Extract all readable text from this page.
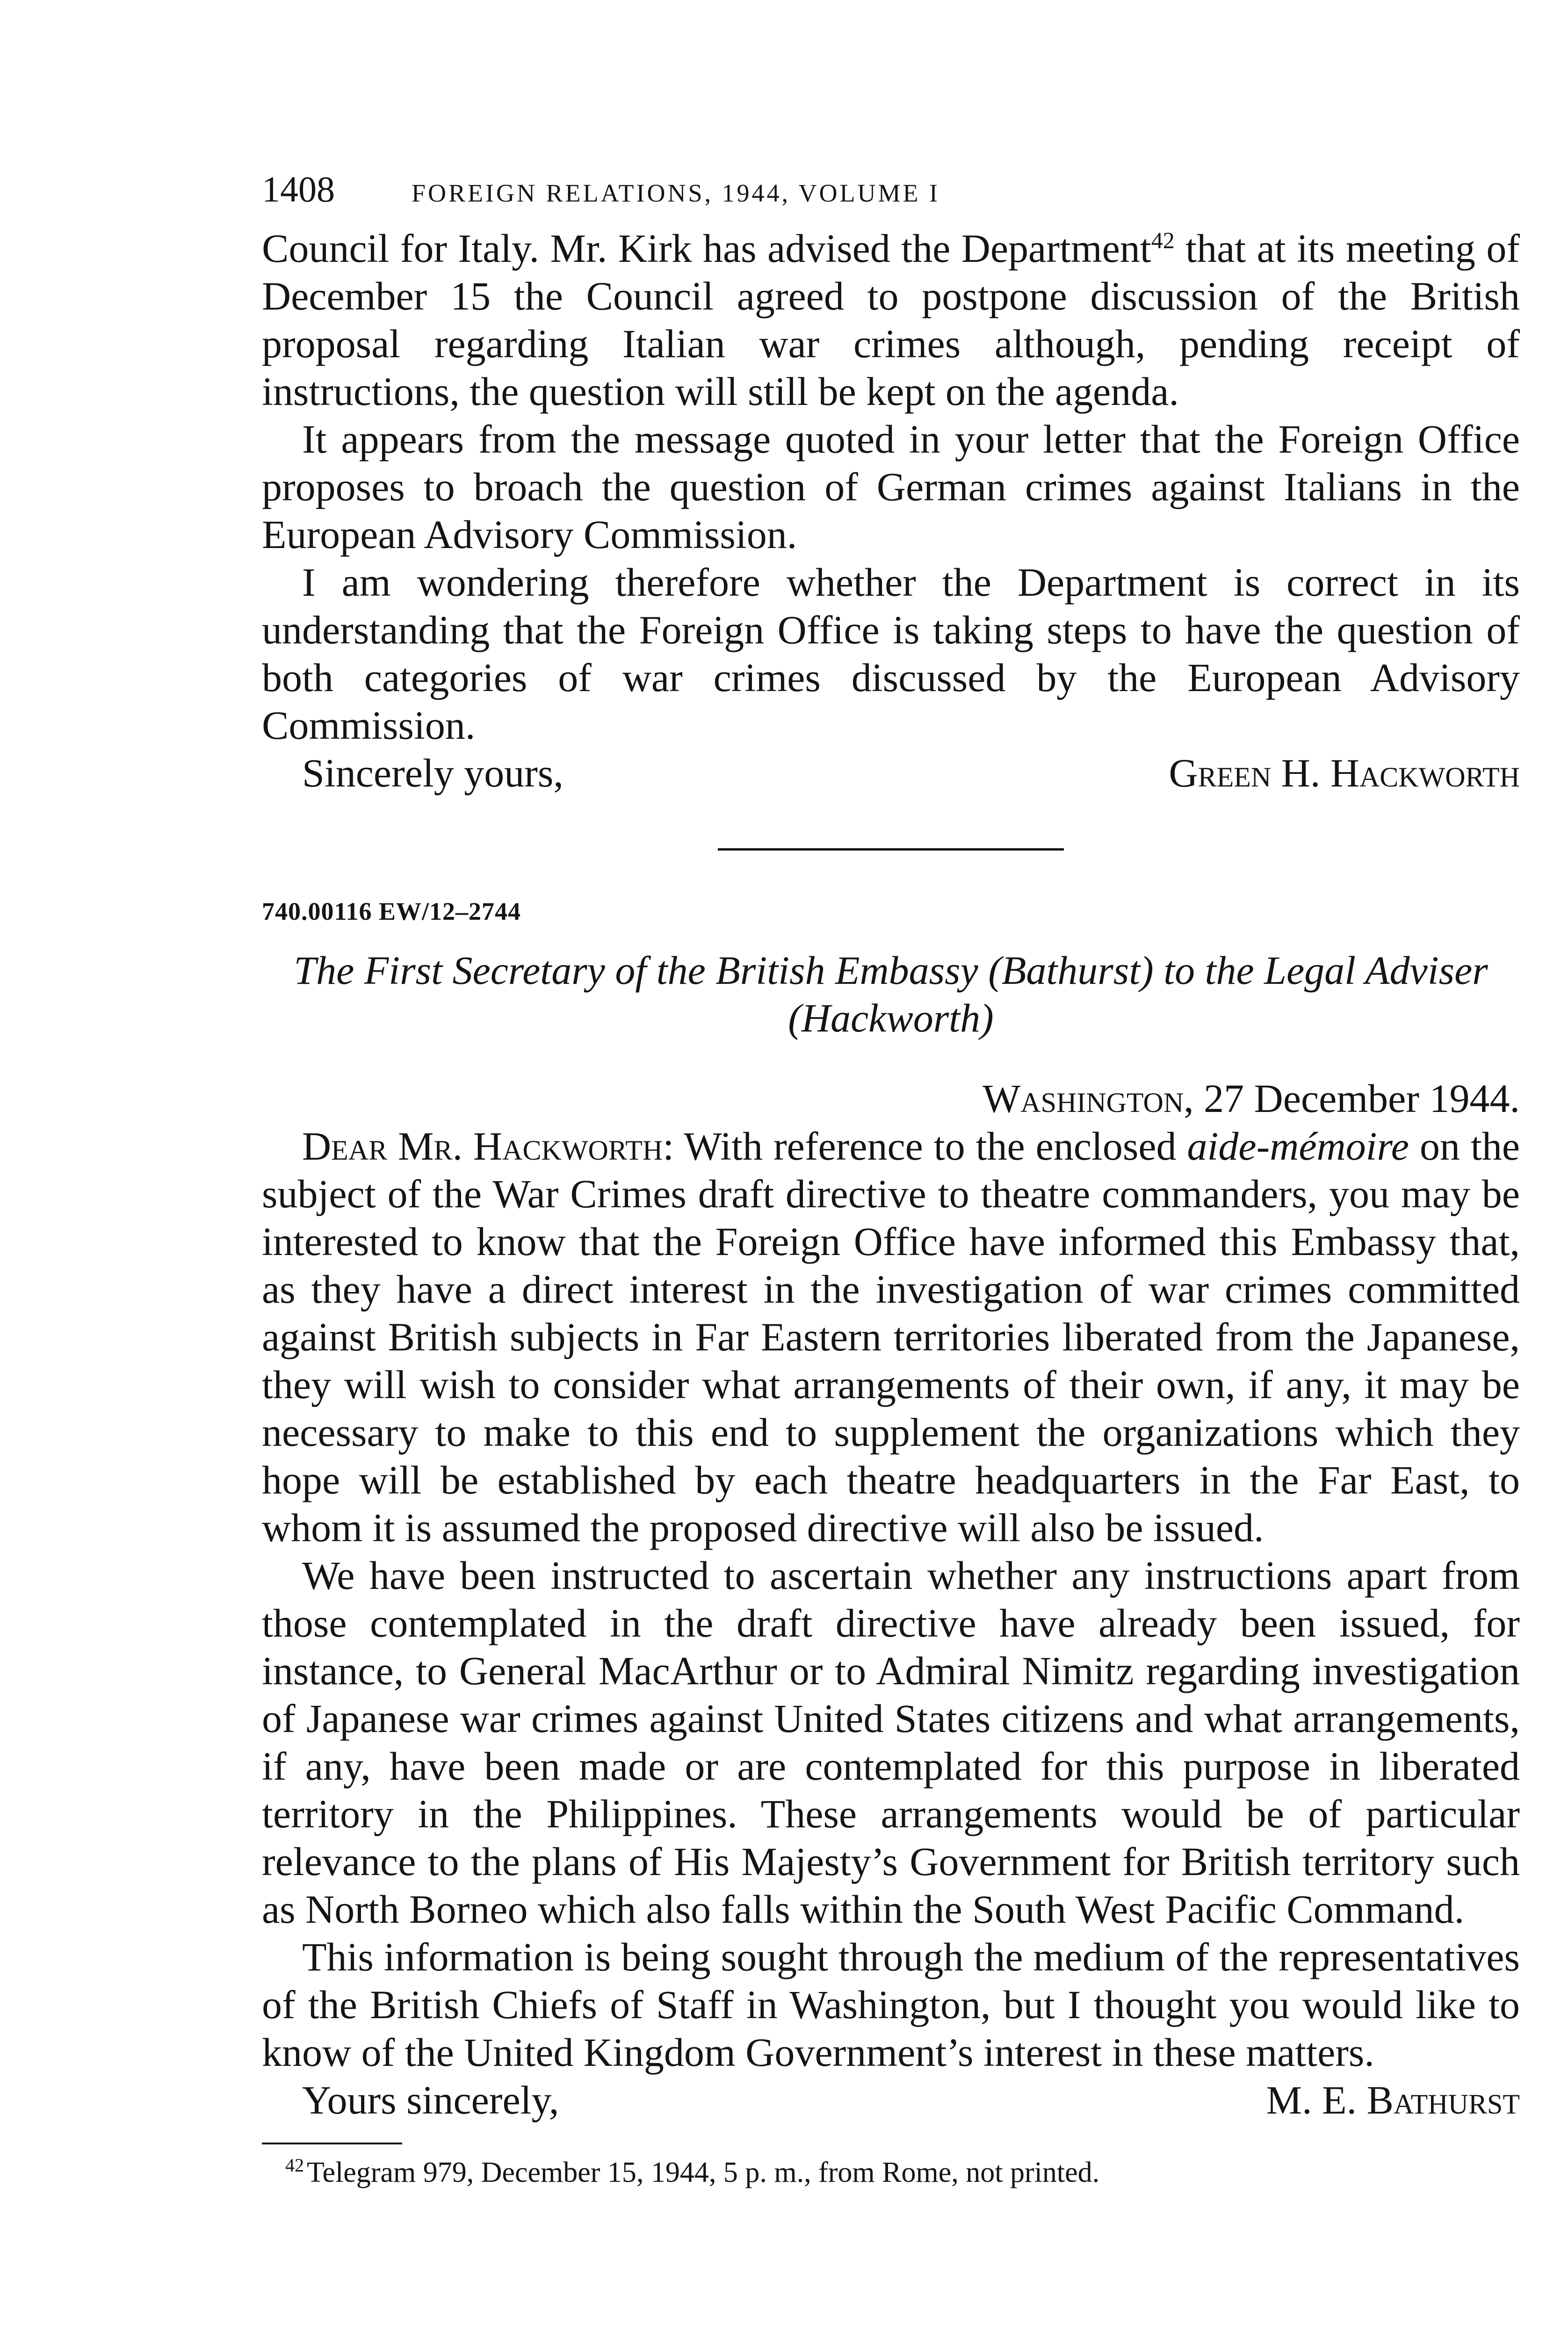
1408	FOREIGN RELATIONS, 1944, VOLUME I

Council for Italy. Mr. Kirk has advised the Department$^{42}$ that at its meeting of December 15 the Council agreed to postpone discussion of the British proposal regarding Italian war crimes although, pending receipt of instructions, the question will still be kept on the agenda.

It appears from the message quoted in your letter that the Foreign Office proposes to broach the question of German crimes against Italians in the European Advisory Commission.

I am wondering therefore whether the Department is correct in its understanding that the Foreign Office is taking steps to have the question of both categories of war crimes discussed by the European Advisory Commission.

Sincerely yours,	Green H. Hackworth
740.00116 EW/12–2744
The First Secretary of the British Embassy (Bathurst) to the Legal Adviser (Hackworth)
Washington, 27 December 1944.

Dear Mr. Hackworth: With reference to the enclosed aide-mémoire on the subject of the War Crimes draft directive to theatre commanders, you may be interested to know that the Foreign Office have informed this Embassy that, as they have a direct interest in the investigation of war crimes committed against British subjects in Far Eastern territories liberated from the Japanese, they will wish to consider what arrangements of their own, if any, it may be necessary to make to this end to supplement the organizations which they hope will be established by each theatre headquarters in the Far East, to whom it is assumed the proposed directive will also be issued.

We have been instructed to ascertain whether any instructions apart from those contemplated in the draft directive have already been issued, for instance, to General MacArthur or to Admiral Nimitz regarding investigation of Japanese war crimes against United States citizens and what arrangements, if any, have been made or are contemplated for this purpose in liberated territory in the Philippines. These arrangements would be of particular relevance to the plans of His Majesty’s Government for British territory such as North Borneo which also falls within the South West Pacific Command.

This information is being sought through the medium of the representatives of the British Chiefs of Staff in Washington, but I thought you would like to know of the United Kingdom Government’s interest in these matters.

Yours sincerely,	M. E. Bathurst
$^{42}$Telegram 979, December 15, 1944, 5 p. m., from Rome, not printed.
